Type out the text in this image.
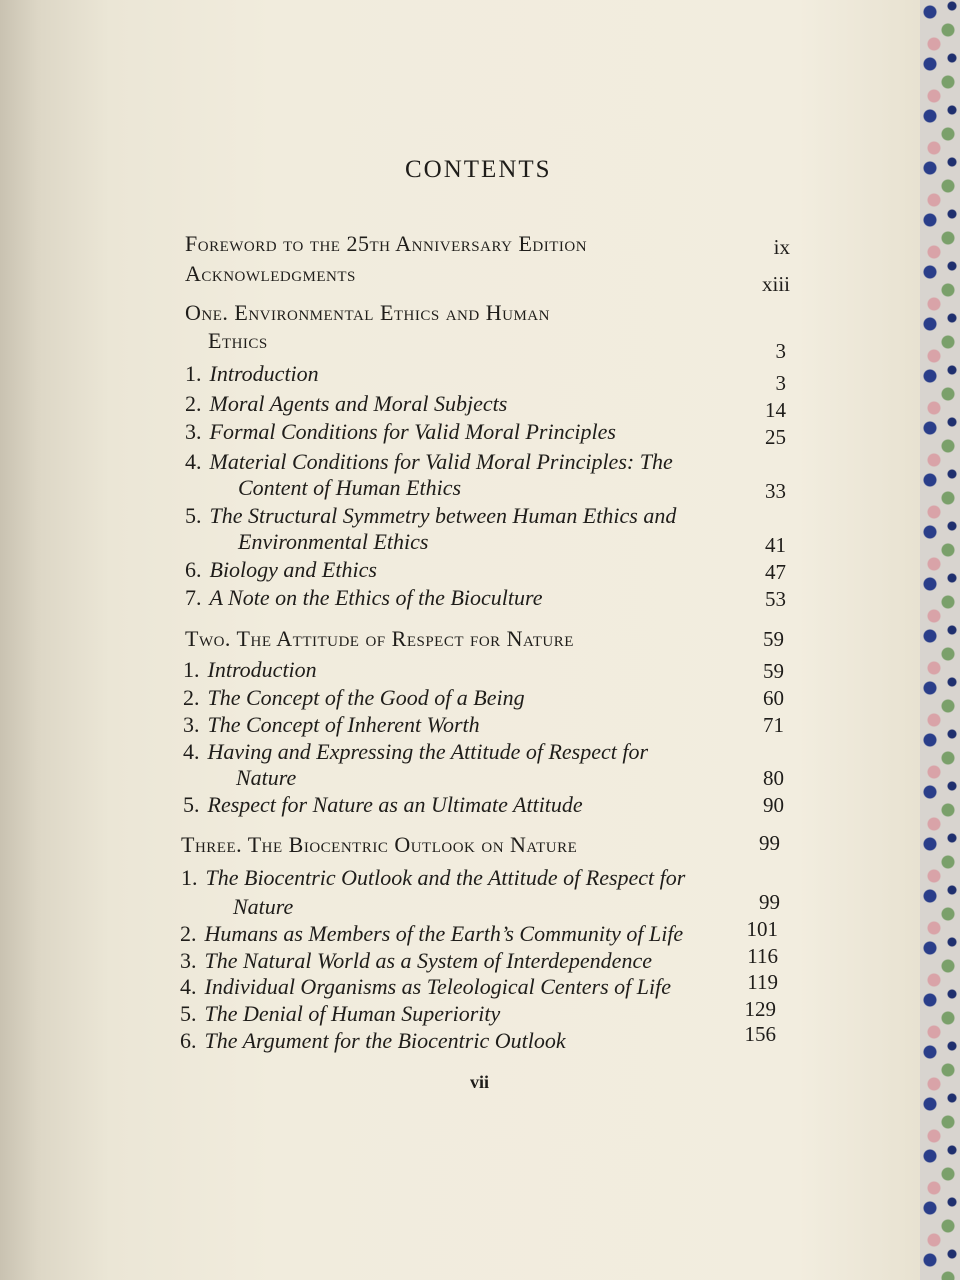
CONTENTS
Foreword to the 25th Anniversary Edition	ix
Acknowledgments	xiii
One. Environmental Ethics and Human
Ethics	3
1. Introduction	3
2. Moral Agents and Moral Subjects	14
3. Formal Conditions for Valid Moral Principles	25
4. Material Conditions for Valid Moral Principles: The
Content of Human Ethics	33
5. The Structural Symmetry between Human Ethics and
Environmental Ethics	41
6. Biology and Ethics	47
7. A Note on the Ethics of the Bioculture	53
Two. The Attitude of Respect for Nature	59
1. Introduction	59
2. The Concept of the Good of a Being	60
3. The Concept of Inherent Worth	71
4. Having and Expressing the Attitude of Respect for
Nature	80
5. Respect for Nature as an Ultimate Attitude	90
Three. The Biocentric Outlook on Nature	99
1. The Biocentric Outlook and the Attitude of Respect for
Nature	99
2. Humans as Members of the Earth’s Community of Life	101
3. The Natural World as a System of Interdependence	116
4. Individual Organisms as Teleological Centers of Life	119
5. The Denial of Human Superiority	129
6. The Argument for the Biocentric Outlook	156
vii
